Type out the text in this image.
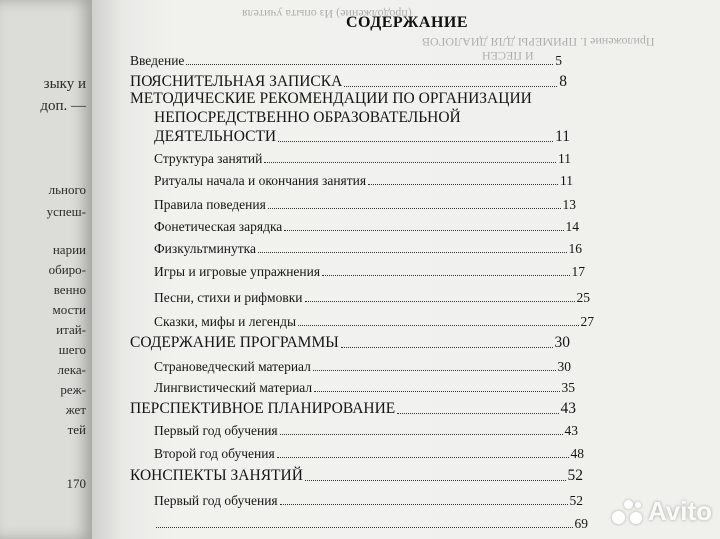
зыку и
доп. —
льного
успеш-
нарии
обиро-
венно
мости
итай-
шего
лека-
реж-
жет
тей
170
Приложение I. ПРИМЕРЫ ДЛЯ ДИАЛОГОВ
И ПЕСЕН
(продолжение) Из опыта учителя
СОДЕРЖАНИЕ
Введение	5
ПОЯСНИТЕЛЬНАЯ ЗАПИСКА	8
МЕТОДИЧЕСКИЕ РЕКОМЕНДАЦИИ ПО ОРГАНИЗАЦИИ
НЕПОСРЕДСТВЕННО ОБРАЗОВАТЕЛЬНОЙ
ДЕЯТЕЛЬНОСТИ	11
Структура занятий	11
Ритуалы начала и окончания занятия	11
Правила поведения	13
Фонетическая зарядка	14
Физкультминутка	16
Игры и игровые упражнения	17
Песни, стихи и рифмовки	25
Сказки, мифы и легенды	27
СОДЕРЖАНИЕ ПРОГРАММЫ	30
Страноведческий материал	30
Лингвистический материал	35
ПЕРСПЕКТИВНОЕ ПЛАНИРОВАНИЕ	43
Первый год обучения	43
Второй год обучения	48
КОНСПЕКТЫ ЗАНЯТИЙ	52
Первый год обучения	52
69 Avito
